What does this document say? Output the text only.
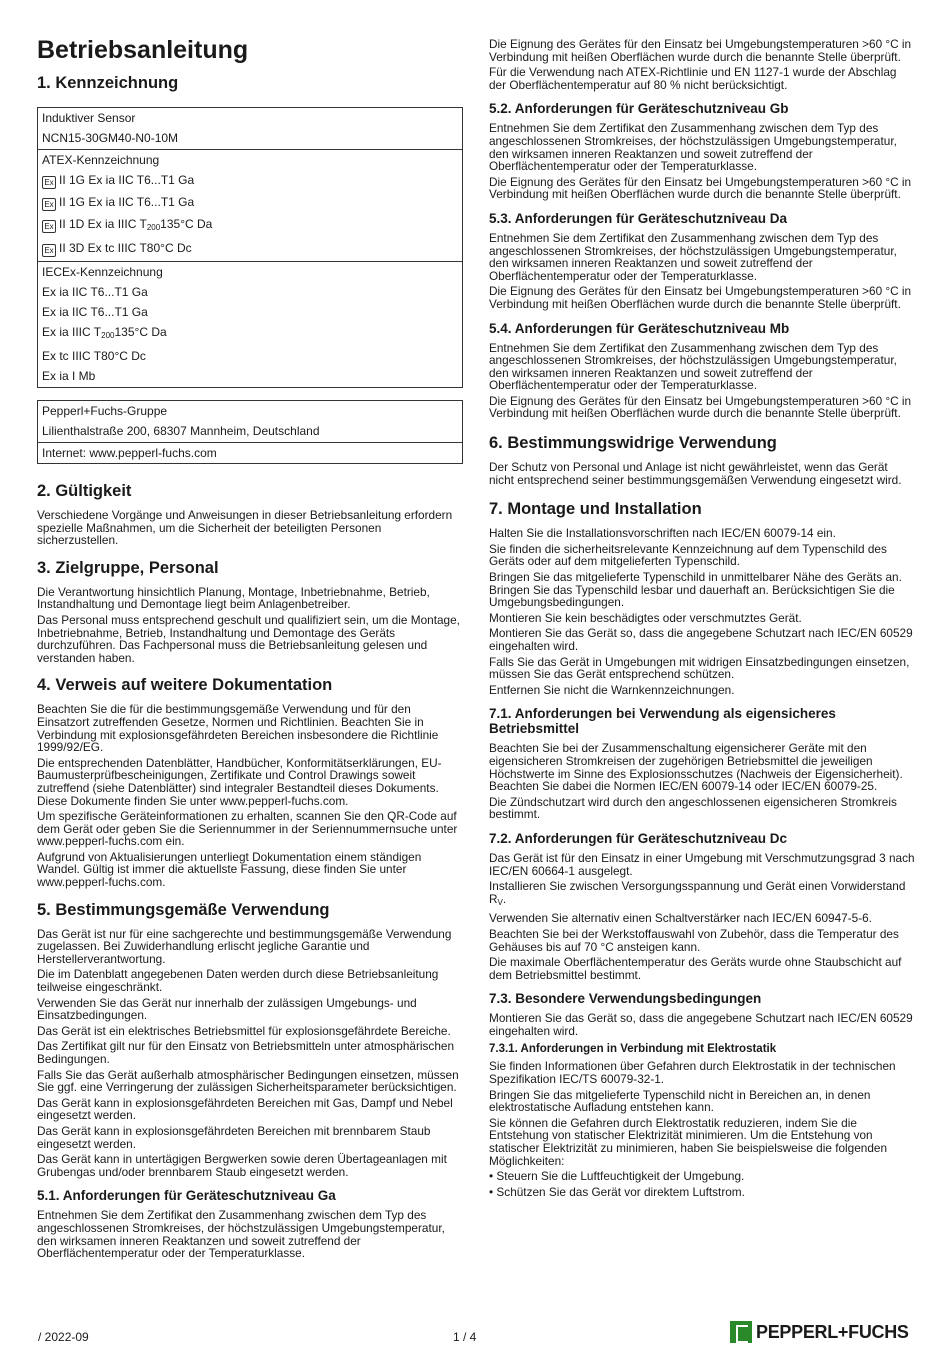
Betriebsanleitung
1. Kennzeichnung
Induktiver Sensor
NCN15-30GM40-N0-10M
ATEX-Kennzeichnung
Ex II 1G Ex ia IIC T6...T1 Ga
Ex II 1G Ex ia IIC T6...T1 Ga
Ex II 1D Ex ia IIIC $T_{200}135^\circ C$ Da
Ex II 3D Ex tc IIIC T80°C Dc
IECEx-Kennzeichnung
Ex ia IIC T6...T1 Ga
Ex ia IIC T6...T1 Ga
Ex ia IIIC $T_{200}135^\circ C$ Da
Ex tc IIIC T80°C Dc
Ex ia I Mb
Pepperl+Fuchs-Gruppe
Lilienthalstraße 200, 68307 Mannheim, Deutschland
Internet: www.pepperl-fuchs.com
2. Gültigkeit

Verschiedene Vorgänge und Anweisungen in dieser Betriebsanleitung erfordern spezielle Maßnahmen, um die Sicherheit der beteiligten Personen sicherzustellen.

3. Zielgruppe, Personal

Die Verantwortung hinsichtlich Planung, Montage, Inbetriebnahme, Betrieb, Instandhaltung und Demontage liegt beim Anlagenbetreiber.

Das Personal muss entsprechend geschult und qualifiziert sein, um die Montage, Inbetriebnahme, Betrieb, Instandhaltung und Demontage des Geräts durchzuführen. Das Fachpersonal muss die Betriebsanleitung gelesen und verstanden haben.

4. Verweis auf weitere Dokumentation

Beachten Sie die für die bestimmungsgemäße Verwendung und für den Einsatzort zutreffenden Gesetze, Normen und Richtlinien. Beachten Sie in Verbindung mit explosionsgefährdeten Bereichen insbesondere die Richtlinie 1999/92/EG.

Die entsprechenden Datenblätter, Handbücher, Konformitätserklärungen, EU-Baumusterprüfbescheinigungen, Zertifikate und Control Drawings soweit zutreffend (siehe Datenblätter) sind integraler Bestandteil dieses Dokuments. Diese Dokumente finden Sie unter www.pepperl-fuchs.com.

Um spezifische Geräteinformationen zu erhalten, scannen Sie den QR-Code auf dem Gerät oder geben Sie die Seriennummer in der Seriennummernsuche unter www.pepperl-fuchs.com ein.

Aufgrund von Aktualisierungen unterliegt Dokumentation einem ständigen Wandel. Gültig ist immer die aktuellste Fassung, diese finden Sie unter www.pepperl-fuchs.com.

5. Bestimmungsgemäße Verwendung

Das Gerät ist nur für eine sachgerechte und bestimmungsgemäße Verwendung zugelassen. Bei Zuwiderhandlung erlischt jegliche Garantie und Herstellerverantwortung.

Die im Datenblatt angegebenen Daten werden durch diese Betriebsanleitung teilweise eingeschränkt.

Verwenden Sie das Gerät nur innerhalb der zulässigen Umgebungs- und Einsatzbedingungen.

Das Gerät ist ein elektrisches Betriebsmittel für explosionsgefährdete Bereiche.

Das Zertifikat gilt nur für den Einsatz von Betriebsmitteln unter atmosphärischen Bedingungen.

Falls Sie das Gerät außerhalb atmosphärischer Bedingungen einsetzen, müssen Sie ggf. eine Verringerung der zulässigen Sicherheitsparameter berücksichtigen.

Das Gerät kann in explosionsgefährdeten Bereichen mit Gas, Dampf und Nebel eingesetzt werden.

Das Gerät kann in explosionsgefährdeten Bereichen mit brennbarem Staub eingesetzt werden.

Das Gerät kann in untertägigen Bergwerken sowie deren Übertageanlagen mit Grubengas und/oder brennbarem Staub eingesetzt werden.

5.1. Anforderungen für Geräteschutzniveau Ga

Entnehmen Sie dem Zertifikat den Zusammenhang zwischen dem Typ des angeschlossenen Stromkreises, der höchstzulässigen Umgebungstemperatur, den wirksamen inneren Reaktanzen und soweit zutreffend der Oberflächentemperatur oder der Temperaturklasse.

Die Eignung des Gerätes für den Einsatz bei Umgebungstemperaturen >60 °C in Verbindung mit heißen Oberflächen wurde durch die benannte Stelle überprüft.

Für die Verwendung nach ATEX-Richtlinie und EN 1127-1 wurde der Abschlag der Oberflächentemperatur auf 80 % nicht berücksichtigt.

5.2. Anforderungen für Geräteschutzniveau Gb

Entnehmen Sie dem Zertifikat den Zusammenhang zwischen dem Typ des angeschlossenen Stromkreises, der höchstzulässigen Umgebungstemperatur, den wirksamen inneren Reaktanzen und soweit zutreffend der Oberflächentemperatur oder der Temperaturklasse.

Die Eignung des Gerätes für den Einsatz bei Umgebungstemperaturen >60 °C in Verbindung mit heißen Oberflächen wurde durch die benannte Stelle überprüft.

5.3. Anforderungen für Geräteschutzniveau Da

Entnehmen Sie dem Zertifikat den Zusammenhang zwischen dem Typ des angeschlossenen Stromkreises, der höchstzulässigen Umgebungstemperatur, den wirksamen inneren Reaktanzen und soweit zutreffend der Oberflächentemperatur oder der Temperaturklasse.

Die Eignung des Gerätes für den Einsatz bei Umgebungstemperaturen >60 °C in Verbindung mit heißen Oberflächen wurde durch die benannte Stelle überprüft.

5.4. Anforderungen für Geräteschutzniveau Mb

Entnehmen Sie dem Zertifikat den Zusammenhang zwischen dem Typ des angeschlossenen Stromkreises, der höchstzulässigen Umgebungstemperatur, den wirksamen inneren Reaktanzen und soweit zutreffend der Oberflächentemperatur oder der Temperaturklasse.

Die Eignung des Gerätes für den Einsatz bei Umgebungstemperaturen >60 °C in Verbindung mit heißen Oberflächen wurde durch die benannte Stelle überprüft.

6. Bestimmungswidrige Verwendung

Der Schutz von Personal und Anlage ist nicht gewährleistet, wenn das Gerät nicht entsprechend seiner bestimmungsgemäßen Verwendung eingesetzt wird.

7. Montage und Installation

Halten Sie die Installationsvorschriften nach IEC/EN 60079-14 ein.

Sie finden die sicherheitsrelevante Kennzeichnung auf dem Typenschild des Geräts oder auf dem mitgelieferten Typenschild.

Bringen Sie das mitgelieferte Typenschild in unmittelbarer Nähe des Geräts an. Bringen Sie das Typenschild lesbar und dauerhaft an. Berücksichtigen Sie die Umgebungsbedingungen.

Montieren Sie kein beschädigtes oder verschmutztes Gerät.

Montieren Sie das Gerät so, dass die angegebene Schutzart nach IEC/EN 60529 eingehalten wird.

Falls Sie das Gerät in Umgebungen mit widrigen Einsatzbedingungen einsetzen, müssen Sie das Gerät entsprechend schützen.

Entfernen Sie nicht die Warnkennzeichnungen.

7.1. Anforderungen bei Verwendung als eigensicheres Betriebsmittel

Beachten Sie bei der Zusammenschaltung eigensicherer Geräte mit den eigensicheren Stromkreisen der zugehörigen Betriebsmittel die jeweiligen Höchstwerte im Sinne des Explosionsschutzes (Nachweis der Eigensicherheit). Beachten Sie dabei die Normen IEC/EN 60079-14 oder IEC/EN 60079-25.

Die Zündschutzart wird durch den angeschlossenen eigensicheren Stromkreis bestimmt.

7.2. Anforderungen für Geräteschutzniveau Dc

Das Gerät ist für den Einsatz in einer Umgebung mit Verschmutzungsgrad 3 nach IEC/EN 60664-1 ausgelegt.

Installieren Sie zwischen Versorgungsspannung und Gerät einen Vorwiderstand $R_V$.

Verwenden Sie alternativ einen Schaltverstärker nach IEC/EN 60947-5-6.

Beachten Sie bei der Werkstoffauswahl von Zubehör, dass die Temperatur des Gehäuses bis auf 70 °C ansteigen kann.

Die maximale Oberflächentemperatur des Geräts wurde ohne Staubschicht auf dem Betriebsmittel bestimmt.

7.3. Besondere Verwendungsbedingungen

Montieren Sie das Gerät so, dass die angegebene Schutzart nach IEC/EN 60529 eingehalten wird.

7.3.1. Anforderungen in Verbindung mit Elektrostatik

Sie finden Informationen über Gefahren durch Elektrostatik in der technischen Spezifikation IEC/TS 60079-32-1.

Bringen Sie das mitgelieferte Typenschild nicht in Bereichen an, in denen elektrostatische Aufladung entstehen kann.

Sie können die Gefahren durch Elektrostatik reduzieren, indem Sie die Entstehung von statischer Elektrizität minimieren. Um die Entstehung von statischer Elektrizität zu minimieren, haben Sie beispielsweise die folgenden Möglichkeiten:

• Steuern Sie die Luftfeuchtigkeit der Umgebung.
• Schützen Sie das Gerät vor direktem Luftstrom.
/ 2022-09	1 / 4	PEPPERL+FUCHS
